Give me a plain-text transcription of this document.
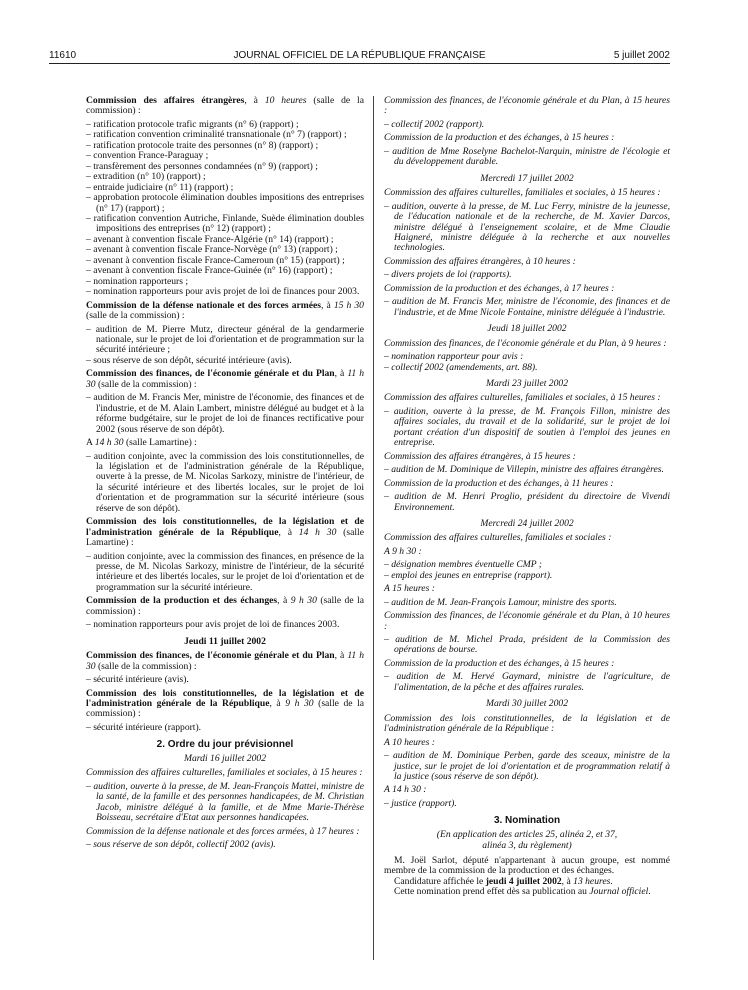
11610	JOURNAL OFFICIEL DE LA RÉPUBLIQUE FRANÇAISE	5 juillet 2002
Commission des affaires étrangères, à 10 heures (salle de la commission) :
– ratification protocole trafic migrants (n° 6) (rapport) ;
– ratification convention criminalité transnationale (n° 7) (rapport) ;
– ratification protocole traite des personnes (n° 8) (rapport) ;
– convention France-Paraguay ;
– transfèrement des personnes condamnées (n° 9) (rapport) ;
– extradition (n° 10) (rapport) ;
– entraide judiciaire (n° 11) (rapport) ;
– approbation protocole élimination doubles impositions des entreprises (n° 17) (rapport) ;
– ratification convention Autriche, Finlande, Suède élimination doubles impositions des entreprises (n° 12) (rapport) ;
– avenant à convention fiscale France-Algérie (n° 14) (rapport) ;
– avenant à convention fiscale France-Norvège (n° 13) (rapport) ;
– avenant à convention fiscale France-Cameroun (n° 15) (rapport) ;
– avenant à convention fiscale France-Guinée (n° 16) (rapport) ;
– nomination rapporteurs ;
– nomination rapporteurs pour avis projet de loi de finances pour 2003.
Commission de la défense nationale et des forces armées, à 15 h 30 (salle de la commission) :
– audition de M. Pierre Mutz, directeur général de la gendarmerie nationale, sur le projet de loi d'orientation et de programmation sur la sécurité intérieure ;
– sous réserve de son dépôt, sécurité intérieure (avis).
Commission des finances, de l'économie générale et du Plan, à 11 h 30 (salle de la commission) :
– audition de M. Francis Mer, ministre de l'économie, des finances et de l'industrie, et de M. Alain Lambert, ministre délégué au budget et à la réforme budgétaire, sur le projet de loi de finances rectificative pour 2002 (sous réserve de son dépôt).
A 14 h 30 (salle Lamartine) :
– audition conjointe, avec la commission des lois constitutionnelles, de la législation et de l'administration générale de la République, ouverte à la presse, de M. Nicolas Sarkozy, ministre de l'intérieur, de la sécurité intérieure et des libertés locales, sur le projet de loi d'orientation et de programmation sur la sécurité intérieure (sous réserve de son dépôt).
Commission des lois constitutionnelles, de la législation et de l'administration générale de la République, à 14 h 30 (salle Lamartine) :
– audition conjointe, avec la commission des finances, en présence de la presse, de M. Nicolas Sarkozy, ministre de l'intérieur, de la sécurité intérieure et des libertés locales, sur le projet de loi d'orientation et de programmation sur la sécurité intérieure.
Commission de la production et des échanges, à 9 h 30 (salle de la commission) :
– nomination rapporteurs pour avis projet de loi de finances 2003.
Jeudi 11 juillet 2002
Commission des finances, de l'économie générale et du Plan, à 11 h 30 (salle de la commission) :
– sécurité intérieure (avis).
Commission des lois constitutionnelles, de la législation et de l'administration générale de la République, à 9 h 30 (salle de la commission) :
– sécurité intérieure (rapport).
2. Ordre du jour prévisionnel
Mardi 16 juillet 2002
Commission des affaires culturelles, familiales et sociales, à 15 heures :
– audition, ouverte à la presse, de M. Jean-François Mattei, ministre de la santé, de la famille et des personnes handicapées, de M. Christian Jacob, ministre délégué à la famille, et de Mme Marie-Thérèse Boisseau, secrétaire d'Etat aux personnes handicapées.
Commission de la défense nationale et des forces armées, à 17 heures :
– sous réserve de son dépôt, collectif 2002 (avis).
Commission des finances, de l'économie générale et du Plan, à 15 heures :
– collectif 2002 (rapport).
Commission de la production et des échanges, à 15 heures :
– audition de Mme Roselyne Bachelot-Narquin, ministre de l'écologie et du développement durable.
Mercredi 17 juillet 2002
Commission des affaires culturelles, familiales et sociales, à 15 heures :
– audition, ouverte à la presse, de M. Luc Ferry, ministre de la jeunesse, de l'éducation nationale et de la recherche, de M. Xavier Darcos, ministre délégué à l'enseignement scolaire, et de Mme Claudie Haigneré, ministre déléguée à la recherche et aux nouvelles technologies.
Commission des affaires étrangères, à 10 heures :
– divers projets de loi (rapports).
Commission de la production et des échanges, à 17 heures :
– audition de M. Francis Mer, ministre de l'économie, des finances et de l'industrie, et de Mme Nicole Fontaine, ministre déléguée à l'industrie.
Jeudi 18 juillet 2002
Commission des finances, de l'économie générale et du Plan, à 9 heures :
– nomination rapporteur pour avis :
– collectif 2002 (amendements, art. 88).
Mardi 23 juillet 2002
Commission des affaires culturelles, familiales et sociales, à 15 heures :
– audition, ouverte à la presse, de M. François Fillon, ministre des affaires sociales, du travail et de la solidarité, sur le projet de loi portant création d'un dispositif de soutien à l'emploi des jeunes en entreprise.
Commission des affaires étrangères, à 15 heures :
– audition de M. Dominique de Villepin, ministre des affaires étrangères.
Commission de la production et des échanges, à 11 heures :
– audition de M. Henri Proglio, président du directoire de Vivendi Environnement.
Mercredi 24 juillet 2002
Commission des affaires culturelles, familiales et sociales :
A 9 h 30 :
– désignation membres éventuelle CMP ;
– emploi des jeunes en entreprise (rapport).
A 15 heures :
– audition de M. Jean-François Lamour, ministre des sports.
Commission des finances, de l'économie générale et du Plan, à 10 heures :
– audition de M. Michel Prada, président de la Commission des opérations de bourse.
Commission de la production et des échanges, à 15 heures :
– audition de M. Hervé Gaymard, ministre de l'agriculture, de l'alimentation, de la pêche et des affaires rurales.
Mardi 30 juillet 2002
Commission des lois constitutionnelles, de la législation et de l'administration générale de la République :
A 10 heures :
– audition de M. Dominique Perben, garde des sceaux, ministre de la justice, sur le projet de loi d'orientation et de programmation relatif à la justice (sous réserve de son dépôt).
A 14 h 30 :
– justice (rapport).
3. Nomination
(En application des articles 25, alinéa 2, et 37,
alinéa 3, du règlement)
M. Joël Sarlot, député n'appartenant à aucun groupe, est nommé membre de la commission de la production et des échanges.
Candidature affichée le jeudi 4 juillet 2002, à 13 heures.
Cette nomination prend effet dès sa publication au Journal officiel.
